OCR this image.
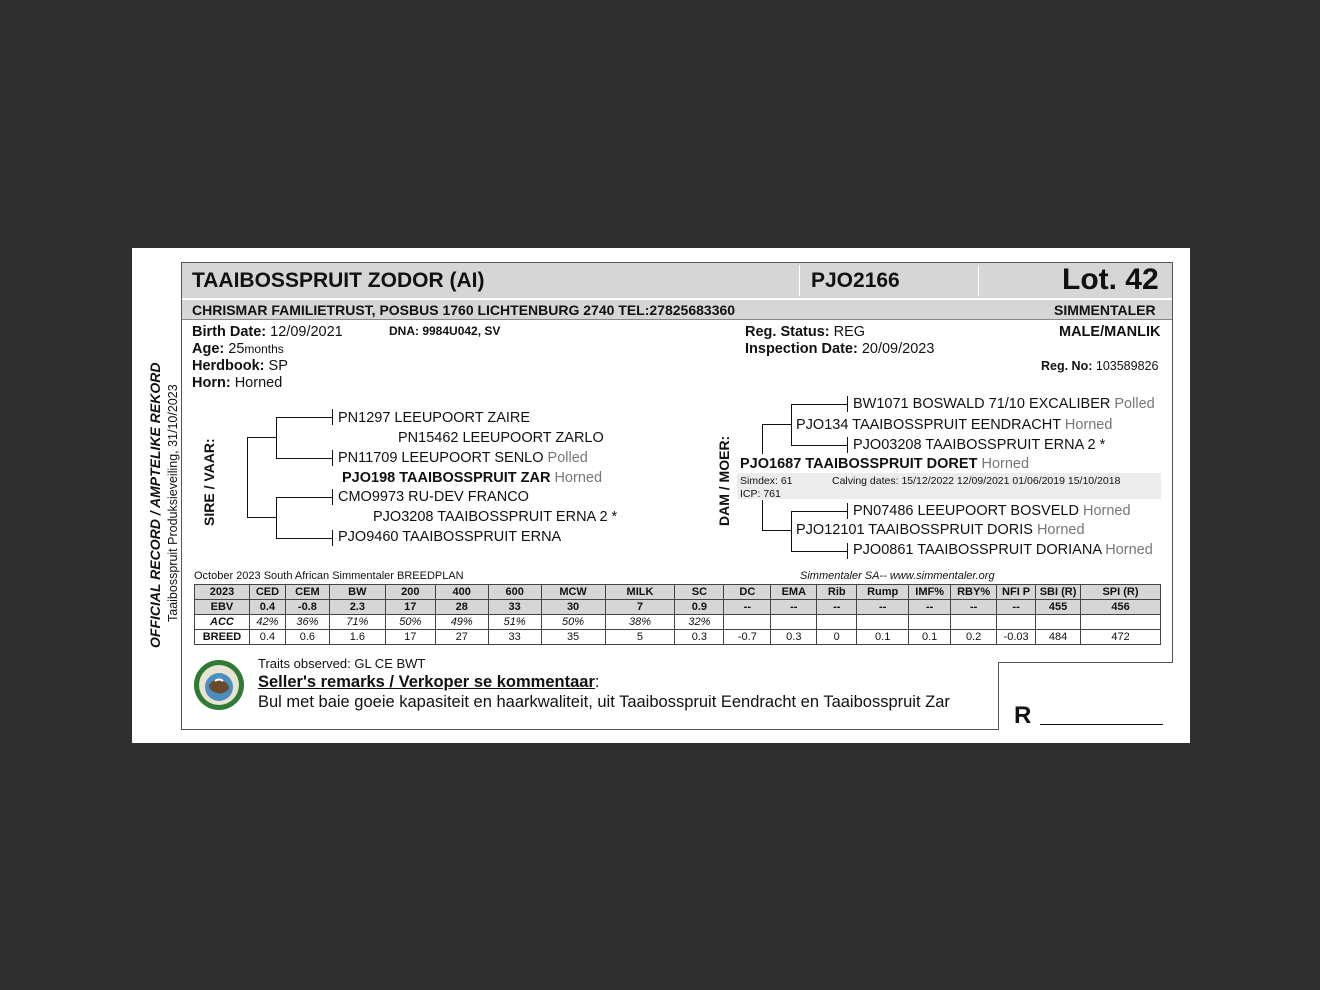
OFFICIAL RECORD / AMPTELIKE REKORD Taaibosspruit Produksieveiling, 31/10/2023
TAAIBOSSPRUIT ZODOR (AI)	PJO2166	Lot. 42
CHRISMAR FAMILIETRUST, POSBUS 1760 LICHTENBURG 2740 TEL:27825683360	SIMMENTALER
Birth Date: 12/09/2021	DNA: 9984U042, SV
Age: 25months
Herdbook: SP
Horn: Horned
Reg. Status: REG
Inspection Date: 20/09/2023
MALE/MANLIK
Reg. No: 103589826
SIRE / VAAR:
PN1297 LEEUPOORT ZAIRE
PN15462 LEEUPOORT ZARLO
PN11709 LEEUPOORT SENLO Polled
PJO198 TAAIBOSSPRUIT ZAR Horned
CMO9973 RU-DEV FRANCO
PJO3208 TAAIBOSSPRUIT ERNA 2 *
PJO9460 TAAIBOSSPRUIT ERNA
DAM / MOER:
BW1071 BOSWALD 71/10 EXCALIBER Polled
PJO134 TAAIBOSSPRUIT EENDRACHT Horned
PJO03208 TAAIBOSSPRUIT ERNA 2 *
PJO1687 TAAIBOSSPRUIT DORET Horned
Simdex: 61
ICP: 761
Calving dates: 15/12/2022 12/09/2021 01/06/2019 15/10/2018
PN07486 LEEUPOORT BOSVELD Horned
PJO12101 TAAIBOSSPRUIT DORIS Horned
PJO0861 TAAIBOSSPRUIT DORIANA Horned
October 2023 South African Simmentaler BREEDPLAN	Simmentaler SA-- www.simmentaler.org
2023	CED	CEM	BW	200	400	600	MCW	MILK	SC	DC	EMA	Rib	Rump	IMF%	RBY%	NFI P	SBI (R)	SPI (R)
EBV	0.4	-0.8	2.3	17	28	33	30	7	0.9	--	--	--	--	--	--	--	455	456
ACC	42%	36%	71%	50%	49%	51%	50%	38%	32%									
BREED	0.4	0.6	1.6	17	27	33	35	5	0.3	-0.7	0.3	0	0.1	0.1	0.2	-0.03	484	472
Traits observed: GL CE BWT
Seller's remarks / Verkoper se kommentaar:
Bul met baie goeie kapasiteit en haarkwaliteit, uit Taaibosspruit Eendracht en Taaibosspruit Zar	R
